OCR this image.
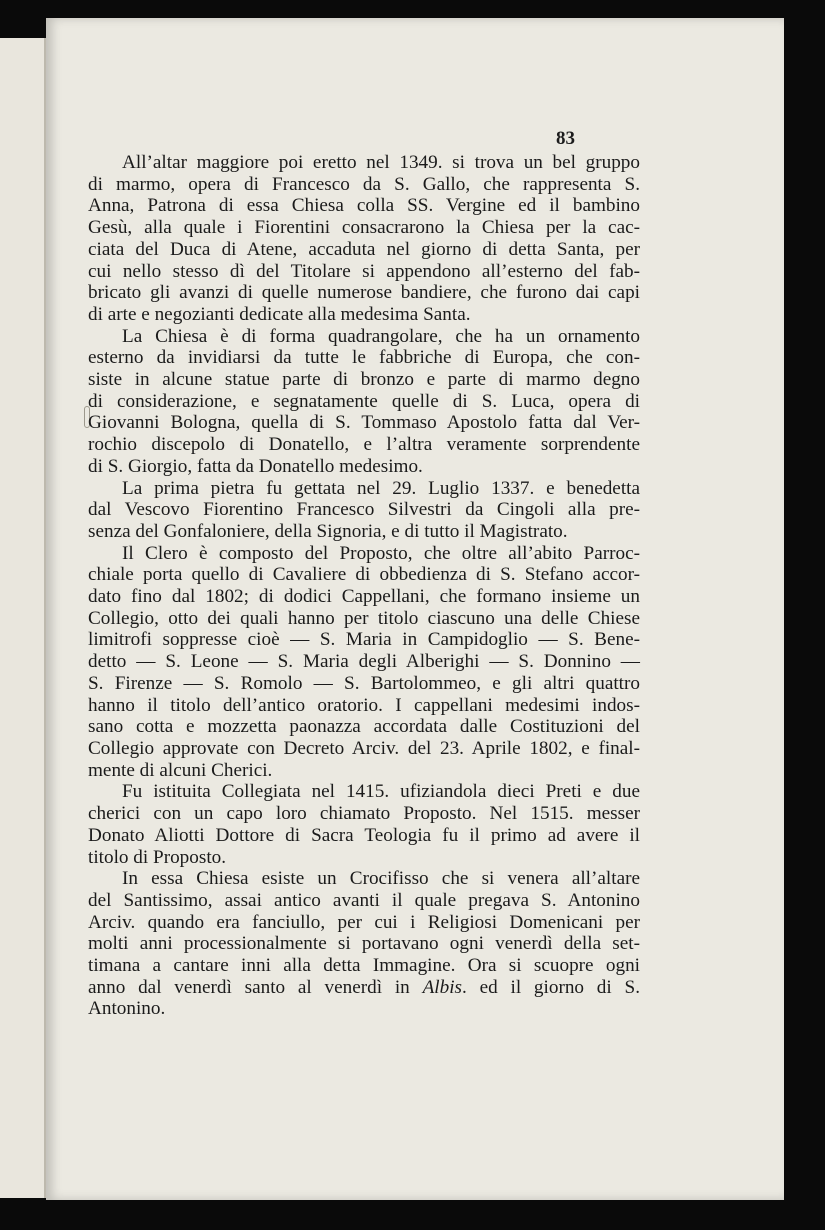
83
All’altar maggiore poi eretto nel 1349. si trova un bel gruppo
di marmo, opera di Francesco da S. Gallo, che rappresenta S.
Anna, Patrona di essa Chiesa colla SS. Vergine ed il bambino
Gesù, alla quale i Fiorentini consacrarono la Chiesa per la cac-
ciata del Duca di Atene, accaduta nel giorno di detta Santa, per
cui nello stesso dì del Titolare si appendono all’esterno del fab-
bricato gli avanzi di quelle numerose bandiere, che furono dai capi
di arte e negozianti dedicate alla medesima Santa.
La Chiesa è di forma quadrangolare, che ha un ornamento
esterno da invidiarsi da tutte le fabbriche di Europa, che con-
siste in alcune statue parte di bronzo e parte di marmo degno
di considerazione, e segnatamente quelle di S. Luca, opera di
Giovanni Bologna, quella di S. Tommaso Apostolo fatta dal Ver-
rochio discepolo di Donatello, e l’altra veramente sorprendente
di S. Giorgio, fatta da Donatello medesimo.
La prima pietra fu gettata nel 29. Luglio 1337. e benedetta
dal Vescovo Fiorentino Francesco Silvestri da Cingoli alla pre-
senza del Gonfaloniere, della Signoria, e di tutto il Magistrato.
Il Clero è composto del Proposto, che oltre all’abito Parroc-
chiale porta quello di Cavaliere di obbedienza di S. Stefano accor-
dato fino dal 1802; di dodici Cappellani, che formano insieme un
Collegio, otto dei quali hanno per titolo ciascuno una delle Chiese
limitrofi soppresse cioè — S. Maria in Campidoglio — S. Bene-
detto — S. Leone — S. Maria degli Alberighi — S. Donnino —
S. Firenze — S. Romolo — S. Bartolommeo, e gli altri quattro
hanno il titolo dell’antico oratorio. I cappellani medesimi indos-
sano cotta e mozzetta paonazza accordata dalle Costituzioni del
Collegio approvate con Decreto Arciv. del 23. Aprile 1802, e final-
mente di alcuni Cherici.
Fu istituita Collegiata nel 1415. ufiziandola dieci Preti e due
cherici con un capo loro chiamato Proposto. Nel 1515. messer
Donato Aliotti Dottore di Sacra Teologia fu il primo ad avere il
titolo di Proposto.
In essa Chiesa esiste un Crocifisso che si venera all’altare
del Santissimo, assai antico avanti il quale pregava S. Antonino
Arciv. quando era fanciullo, per cui i Religiosi Domenicani per
molti anni processionalmente si portavano ogni venerdì della set-
timana a cantare inni alla detta Immagine. Ora si scuopre ogni
anno dal venerdì santo al venerdì in Albis. ed il giorno di S.
Antonino.
